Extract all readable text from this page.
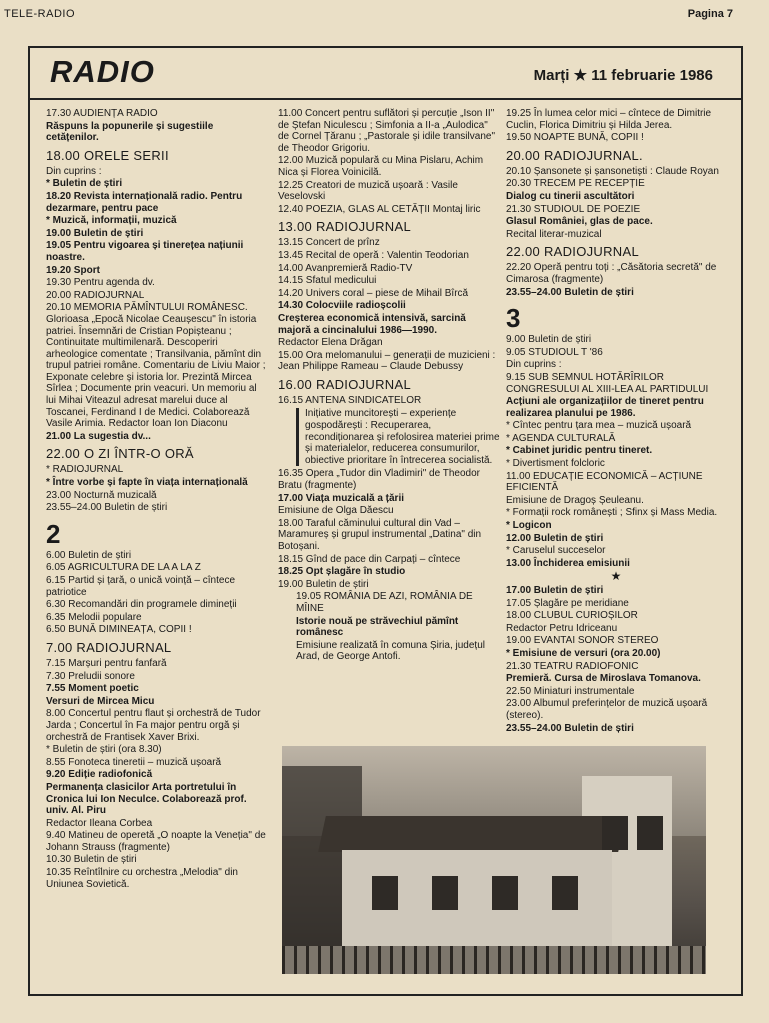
TELE-RADIO	Pagina 7
RADIO	Marți ★ 11 februarie 1986
17.30 AUDIENȚA RADIO
Răspuns la popunerile și sugestiile cetățenilor.
18.00 ORELE SERII
Din cuprins :
* Buletin de știri
18.20 Revista internațională radio. Pentru dezarmare, pentru pace
* Muzică, informații, muzică
19.00 Buletin de știri
19.05 Pentru vigoarea și tinerețea națiunii noastre.
19.20 Sport
19.30 Pentru agenda dv.
20.00 RADIOJURNAL
20.10 MEMORIA PĂMÎNTULUI ROMÂNESC. Glorioasa „Epocă Nicolae Ceaușescu" în istoria patriei. Însemnări de Cristian Popișteanu ; Continuitate multimilenară. Descoperiri arheologice comentate ; Transilvania, pămînt din trupul patriei române. Comentariu de Liviu Maior ; Exponate celebre și istoria lor. Prezintă Mircea Sîrlea ; Documente prin veacuri. Un memoriu al lui Mihai Viteazul adresat marelui duce al Toscanei, Ferdinand I de Medici. Colaborează Vasile Arimia. Redactor Ioan Ion Diaconu
21.00 La sugestia dv...
22.00 O ZI ÎNTR-O ORĂ
* RADIOJURNAL
* Între vorbe și fapte în viața internațională
23.00 Nocturnă muzicală
23.55–24.00 Buletin de știri
2
6.00 Buletin de știri
6.05 AGRICULTURA DE LA A LA Z
6.15 Partid și țară, o unică voință – cîntece patriotice
6.30 Recomandări din programele dimineții
6.35 Melodii populare
6.50 BUNĂ DIMINEAȚA, COPII !
7.00 RADIOJURNAL
7.15 Marșuri pentru fanfară
7.30 Preludii sonore
7.55 Moment poetic
Versuri de Mircea Micu
8.00 Concertul pentru flaut și orchestră de Tudor Jarda ; Concertul în Fa major pentru orgă și orchestră de Frantisek Xaver Brixi.
* Buletin de știri (ora 8.30)
8.55 Fonoteca tineretii – muzică ușoară
9.20 Ediție radiofonică
Permanența clasicilor Arta portretului în Cronica lui Ion Neculce. Colaborează prof. univ. Al. Piru
Redactor Ileana Corbea
9.40 Matineu de operetă „O noapte la Veneția" de Johann Strauss (fragmente)
10.30 Buletin de știri
10.35 Reîntîlnire cu orchestra „Melodia" din Uniunea Sovietică.
11.00 Concert pentru suflători și percuție „Ison II" de Ștefan Niculescu ; Simfonia a II-a „Aulodica" de Cornel Țăranu ; „Pastorale și idile transilvane" de Theodor Grigoriu.
12.00 Muzică populară cu Mina Pislaru, Achim Nica și Florea Voinicilă.
12.25 Creatori de muzică ușoară : Vasile Veselovski
12.40 POEZIA, GLAS AL CETĂȚII Montaj liric
13.00 RADIOJURNAL
13.15 Concert de prînz
13.45 Recital de operă : Valentin Teodorian
14.00 Avanpremieră Radio-TV
14.15 Sfatul medicului
14.20 Univers coral – piese de Mihail Bîrcă
14.30 Colocviile radioșcolii
Creșterea economică intensivă, sarcină majoră a cincinalului 1986—1990.
Redactor Elena Drăgan
15.00 Ora melomanului – generații de muzicieni : Jean Philippe Rameau – Claude Debussy
16.00 RADIOJURNAL
16.15 ANTENA SINDICATELOR
Inițiative muncitorești – experiențe gospodărești : Recuperarea, recondiționarea și refolosirea materiei prime și materialelor, reducerea consumurilor, obiective prioritare în întrecerea socialistă.
16.35 Opera „Tudor din Vladimiri" de Theodor Bratu (fragmente)
17.00 Viața muzicală a țării
Emisiune de Olga Dăescu
18.00 Taraful căminului cultural din Vad – Maramureș și grupul instrumental „Datina" din Botoșani.
18.15 Gînd de pace din Carpați – cîntece
18.25 Opt șlagăre în studio
19.00 Buletin de știri
19.05 ROMÂNIA DE AZI, ROMÂNIA DE MÎINE
Istorie nouă pe străvechiul pămînt românesc
Emisiune realizată în comuna Șiria, județul Arad, de George Antofi.
19.25 În lumea celor mici – cîntece de Dimitrie Cuclin, Florica Dimitriu și Hilda Jerea.
19.50 NOAPTE BUNĂ, COPII !
20.00 RADIOJURNAL.
20.10 Șansonete și șansonetiști : Claude Royan
20.30 TRECEM PE RECEPȚIE
Dialog cu tinerii ascultători
21.30 STUDIOUL DE POEZIE
Glasul României, glas de pace.
Recital literar-muzical
22.00 RADIOJURNAL
22.20 Operă pentru toți : „Căsătoria secretă" de Cimarosa (fragmente)
23.55–24.00 Buletin de știri
3
9.00 Buletin de știri
9.05 STUDIOUL T '86
Din cuprins :
9.15 SUB SEMNUL HOTĂRÎRILOR CONGRESULUI AL XIII-LEA AL PARTIDULUI
Acțiuni ale organizațiilor de tineret pentru realizarea planului pe 1986.
* Cîntec pentru țara mea – muzică ușoară
* AGENDA CULTURALĂ
* Cabinet juridic pentru tineret.
* Divertisment folcloric
11.00 EDUCAȚIE ECONOMICĂ – ACȚIUNE EFICIENTĂ
Emisiune de Dragoș Șeuleanu.
* Formații rock românești ; Sfinx și Mass Media.
* Logicon
12.00 Buletin de știri
* Caruselul succeselor
13.00 Închiderea emisiunii
★
17.00 Buletin de știri
17.05 Șlagăre pe meridiane
18.00 CLUBUL CURIOȘILOR
Redactor Petru Idriceanu
19.00 EVANTAI SONOR STEREO
* Emisiune de versuri (ora 20.00)
21.30 TEATRU RADIOFONIC
Premieră. Cursa de Miroslava Tomanova.
22.50 Miniaturi instrumentale
23.00 Albumul preferințelor de muzică ușoară (stereo).
23.55–24.00 Buletin de știri
